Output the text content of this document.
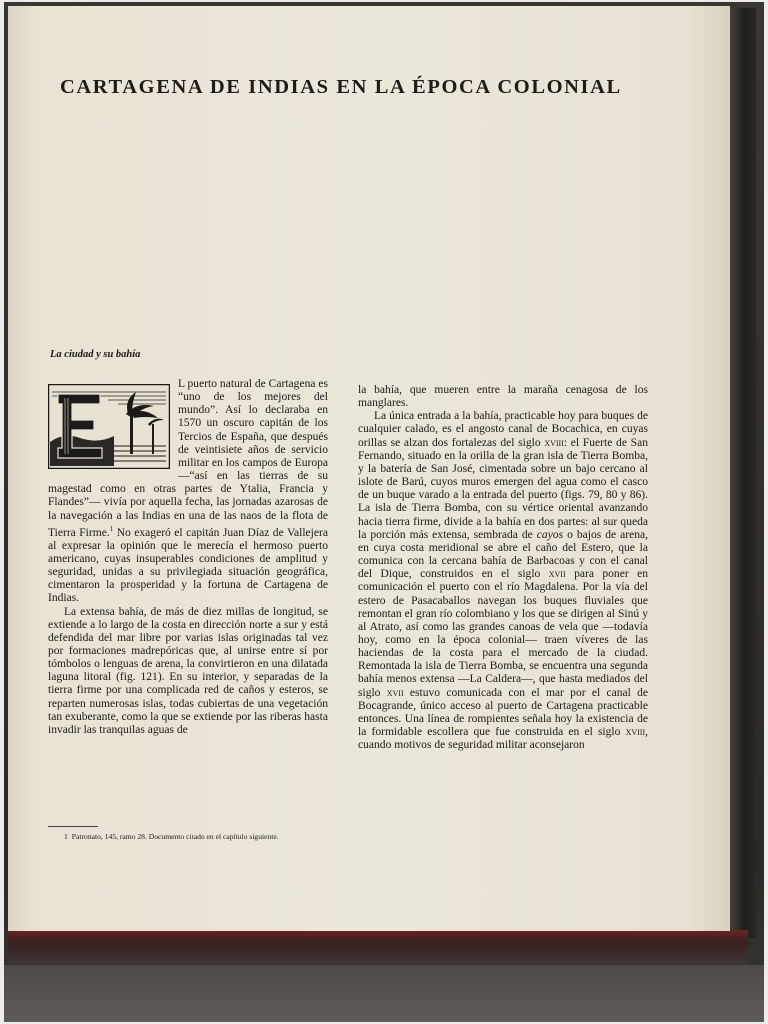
CARTAGENA DE INDIAS EN LA ÉPOCA COLONIAL
La ciudad y su bahía

L puerto natural de Cartagena es “uno de los mejores del mundo”. Así lo declaraba en 1570 un oscuro capitán de los Tercios de España, que después de veintisiete años de servicio militar en los campos de Europa —“así en las tierras de su magestad como en otras partes de Ytalia, Francia y Flandes”— vivía por aquella fecha, las jornadas azarosas de la navegación a las Indias en una de las naos de la flota de Tierra Firme.$^1$ No exageró el capitán Juan Díaz de Vallejera al expresar la opinión que le merecía el hermoso puerto americano, cuyas insuperables condiciones de amplitud y seguridad, unidas a su privilegiada situación geográfica, cimentaron la prosperidad y la fortuna de Cartagena de Indias.

La extensa bahía, de más de diez millas de longitud, se extiende a lo largo de la costa en dirección norte a sur y está defendida del mar libre por varias islas originadas tal vez por formaciones madrepóricas que, al unirse entre sí por tómbolos o lenguas de arena, la convirtieron en una dilatada laguna litoral (fig. 121). En su interior, y separadas de la tierra firme por una complicada red de caños y esteros, se reparten numerosas islas, todas cubiertas de una vegetación tan exuberante, como la que se extiende por las riberas hasta invadir las tranquilas aguas de

1 Patronato, 145, ramo 28. Documento citado en el capítulo siguiente.

la bahía, que mueren entre la maraña cenagosa de los manglares.

La única entrada a la bahía, practicable hoy para buques de cualquier calado, es el angosto canal de Bocachica, en cuyas orillas se alzan dos fortalezas del siglo xviii: el Fuerte de San Fernando, situado en la orilla de la gran isla de Tierra Bomba, y la batería de San José, cimentada sobre un bajo cercano al islote de Barú, cuyos muros emergen del agua como el casco de un buque varado a la entrada del puerto (figs. 79, 80 y 86). La isla de Tierra Bomba, con su vértice oriental avanzando hacia tierra firme, divide a la bahía en dos partes: al sur queda la porción más extensa, sembrada de cayos o bajos de arena, en cuya costa meridional se abre el caño del Estero, que la comunica con la cercana bahía de Barbacoas y con el canal del Dique, construidos en el siglo xvii para poner en comunicación el puerto con el río Magdalena. Por la vía del estero de Pasacaballos navegan los buques fluviales que remontan el gran río colombiano y los que se dirigen al Sinú y al Atrato, así como las grandes canoas de vela que —todavía hoy, como en la época colonial— traen víveres de las haciendas de la costa para el mercado de la ciudad. Remontada la isla de Tierra Bomba, se encuentra una segunda bahía menos extensa —La Caldera—, que hasta mediados del siglo xvii estuvo comunicada con el mar por el canal de Bocagrande, único acceso al puerto de Cartagena practicable entonces. Una línea de rompientes señala hoy la existencia de la formidable escollera que fue construida en el siglo xviii, cuando motivos de seguridad militar aconsejaron
